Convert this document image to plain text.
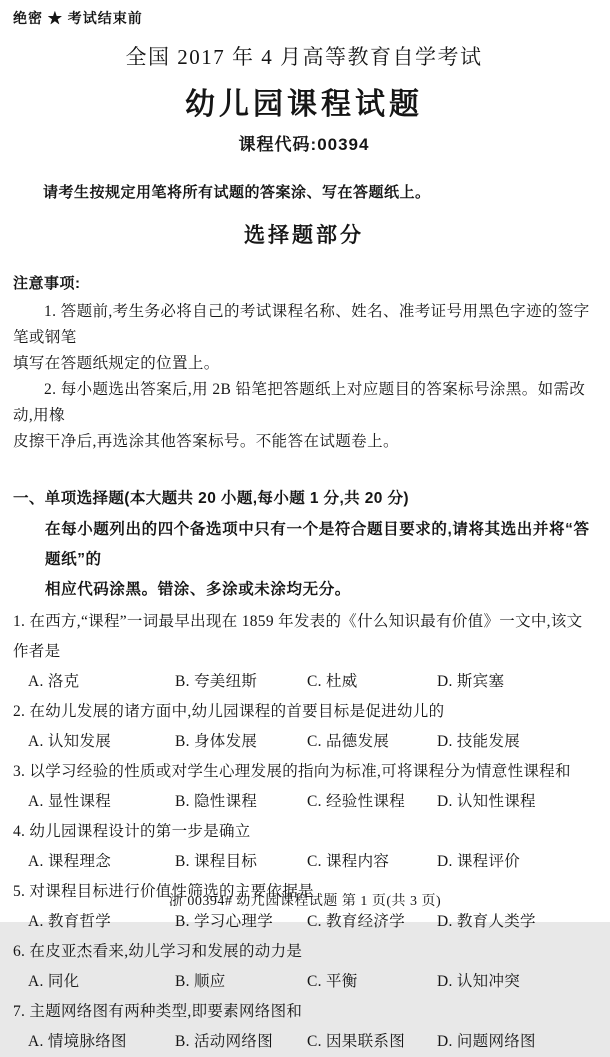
绝密 ★ 考试结束前
全国 2017 年 4 月高等教育自学考试
幼儿园课程试题
课程代码:00394
请考生按规定用笔将所有试题的答案涂、写在答题纸上。
选择题部分
注意事项:
1. 答题前,考生务必将自己的考试课程名称、姓名、准考证号用黑色字迹的签字笔或钢笔
填写在答题纸规定的位置上。
2. 每小题选出答案后,用 2B 铅笔把答题纸上对应题目的答案标号涂黑。如需改动,用橡
皮擦干净后,再选涂其他答案标号。不能答在试题卷上。
一、单项选择题(本大题共 20 小题,每小题 1 分,共 20 分)
在每小题列出的四个备选项中只有一个是符合题目要求的,请将其选出并将“答题纸”的
相应代码涂黑。错涂、多涂或未涂均无分。
1. 在西方,“课程”一词最早出现在 1859 年发表的《什么知识最有价值》一文中,该文作者是
A. 洛克	B. 夸美纽斯	C. 杜威	D. 斯宾塞
2. 在幼儿发展的诸方面中,幼儿园课程的首要目标是促进幼儿的
A. 认知发展	B. 身体发展	C. 品德发展	D. 技能发展
3. 以学习经验的性质或对学生心理发展的指向为标准,可将课程分为情意性课程和
A. 显性课程	B. 隐性课程	C. 经验性课程	D. 认知性课程
4. 幼儿园课程设计的第一步是确立
A. 课程理念	B. 课程目标	C. 课程内容	D. 课程评价
5. 对课程目标进行价值性筛选的主要依据是
A. 教育哲学	B. 学习心理学	C. 教育经济学	D. 教育人类学
6. 在皮亚杰看来,幼儿学习和发展的动力是
A. 同化	B. 顺应	C. 平衡	D. 认知冲突
7. 主题网络图有两种类型,即要素网络图和
A. 情境脉络图	B. 活动网络图	C. 因果联系图	D. 问题网络图
浙 00394# 幼儿园课程试题 第 1 页(共 3 页)
